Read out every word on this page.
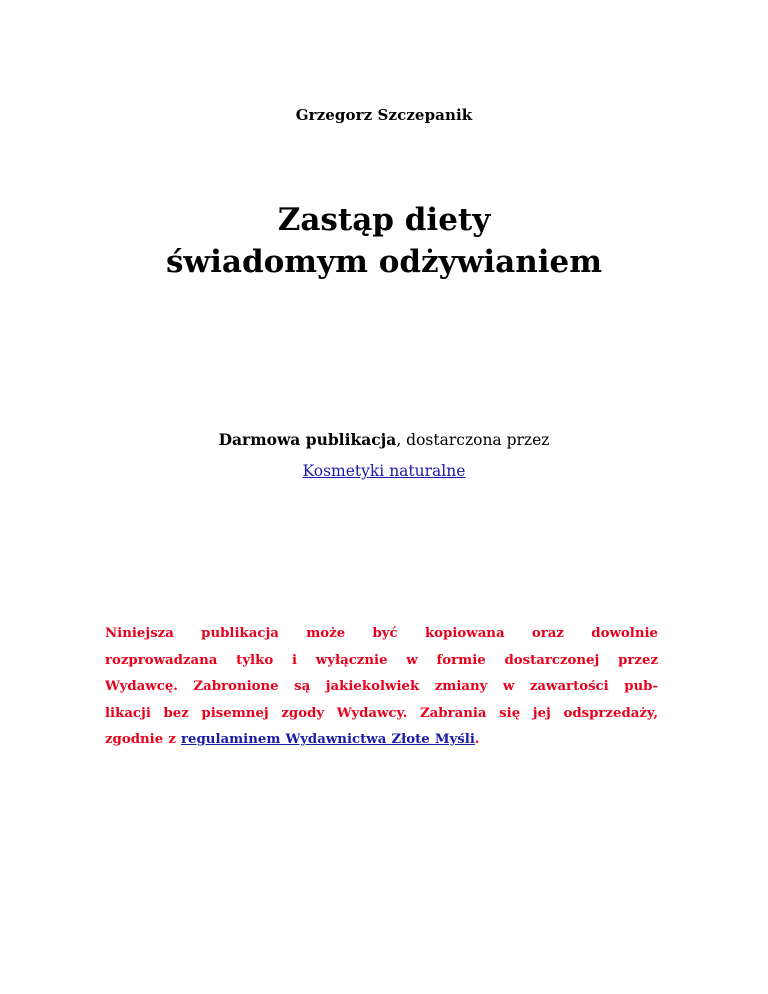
Grzegorz Szczepanik
Zastąp diety
świadomym odżywianiem
Darmowa publikacja, dostarczona przez
Kosmetyki naturalne
Niniejsza publikacja może być kopiowana oraz dowolnie
rozprowadzana tylko i wyłącznie w formie dostarczonej przez
Wydawcę. Zabronione są jakiekolwiek zmiany w zawartości pub-
likacji bez pisemnej zgody Wydawcy. Zabrania się jej odsprzedaży,
zgodnie z regulaminem Wydawnictwa Złote Myśli.
